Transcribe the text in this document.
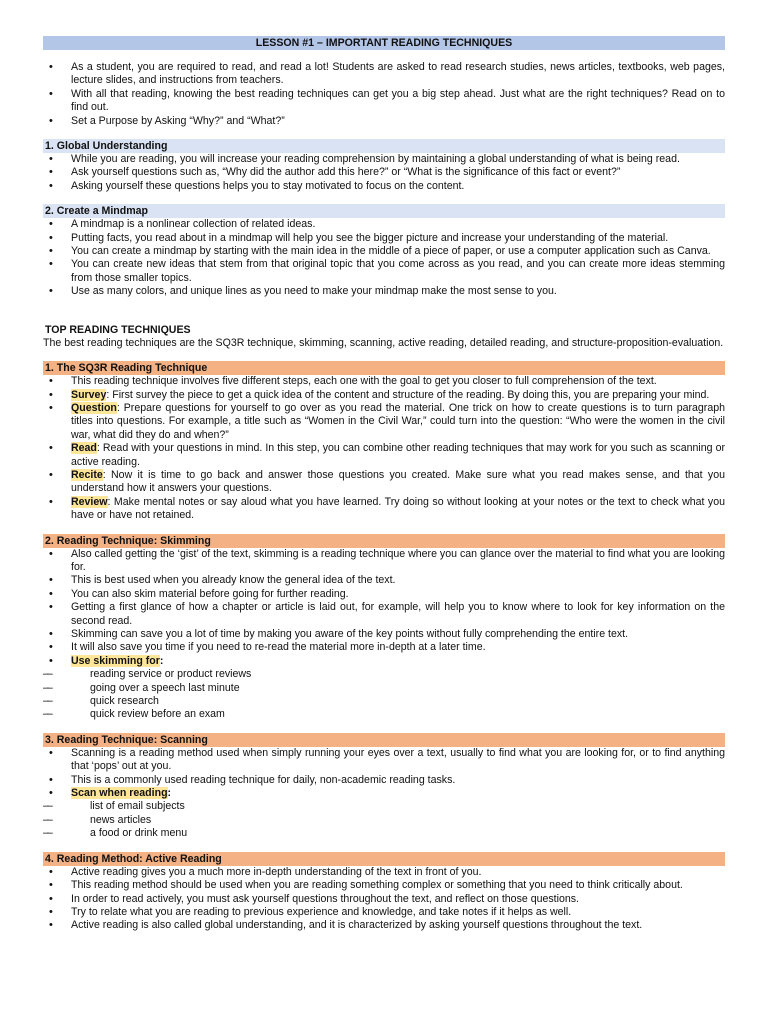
LESSON #1 – IMPORTANT READING TECHNIQUES
• As a student, you are required to read, and read a lot! Students are asked to read research studies, news articles, textbooks, web pages, lecture slides, and instructions from teachers.
• With all that reading, knowing the best reading techniques can get you a big step ahead. Just what are the right techniques? Read on to find out.
• Set a Purpose by Asking “Why?” and “What?”
1. Global Understanding
• While you are reading, you will increase your reading comprehension by maintaining a global understanding of what is being read.
• Ask yourself questions such as, “Why did the author add this here?” or “What is the significance of this fact or event?”
• Asking yourself these questions helps you to stay motivated to focus on the content.
2. Create a Mindmap
• A mindmap is a nonlinear collection of related ideas.
• Putting facts, you read about in a mindmap will help you see the bigger picture and increase your understanding of the material.
• You can create a mindmap by starting with the main idea in the middle of a piece of paper, or use a computer application such as Canva.
• You can create new ideas that stem from that original topic that you come across as you read, and you can create more ideas stemming from those smaller topics.
• Use as many colors, and unique lines as you need to make your mindmap make the most sense to you.
TOP READING TECHNIQUES
The best reading techniques are the SQ3R technique, skimming, scanning, active reading, detailed reading, and structure-proposition-evaluation.
1. The SQ3R Reading Technique
• This reading technique involves five different steps, each one with the goal to get you closer to full comprehension of the text.
• Survey: First survey the piece to get a quick idea of the content and structure of the reading. By doing this, you are preparing your mind.
• Question: Prepare questions for yourself to go over as you read the material. One trick on how to create questions is to turn paragraph titles into questions. For example, a title such as “Women in the Civil War,” could turn into the question: “Who were the women in the civil war, what did they do and when?”
• Read: Read with your questions in mind. In this step, you can combine other reading techniques that may work for you such as scanning or active reading.
• Recite: Now it is time to go back and answer those questions you created. Make sure what you read makes sense, and that you understand how it answers your questions.
• Review: Make mental notes or say aloud what you have learned. Try doing so without looking at your notes or the text to check what you have or have not retained.
2. Reading Technique: Skimming
• Also called getting the ‘gist’ of the text, skimming is a reading technique where you can glance over the material to find what you are looking for.
• This is best used when you already know the general idea of the text.
• You can also skim material before going for further reading.
• Getting a first glance of how a chapter or article is laid out, for example, will help you to know where to look for key information on the second read.
• Skimming can save you a lot of time by making you aware of the key points without fully comprehending the entire text.
• It will also save you time if you need to re-read the material more in-depth at a later time.
• Use skimming for:
–– reading service or product reviews
–– going over a speech last minute
–– quick research
–– quick review before an exam
3. Reading Technique: Scanning
• Scanning is a reading method used when simply running your eyes over a text, usually to find what you are looking for, or to find anything that ‘pops’ out at you.
• This is a commonly used reading technique for daily, non-academic reading tasks.
• Scan when reading:
–– list of email subjects
–– news articles
–– a food or drink menu
4. Reading Method: Active Reading
• Active reading gives you a much more in-depth understanding of the text in front of you.
• This reading method should be used when you are reading something complex or something that you need to think critically about.
• In order to read actively, you must ask yourself questions throughout the text, and reflect on those questions.
• Try to relate what you are reading to previous experience and knowledge, and take notes if it helps as well.
• Active reading is also called global understanding, and it is characterized by asking yourself questions throughout the text.
